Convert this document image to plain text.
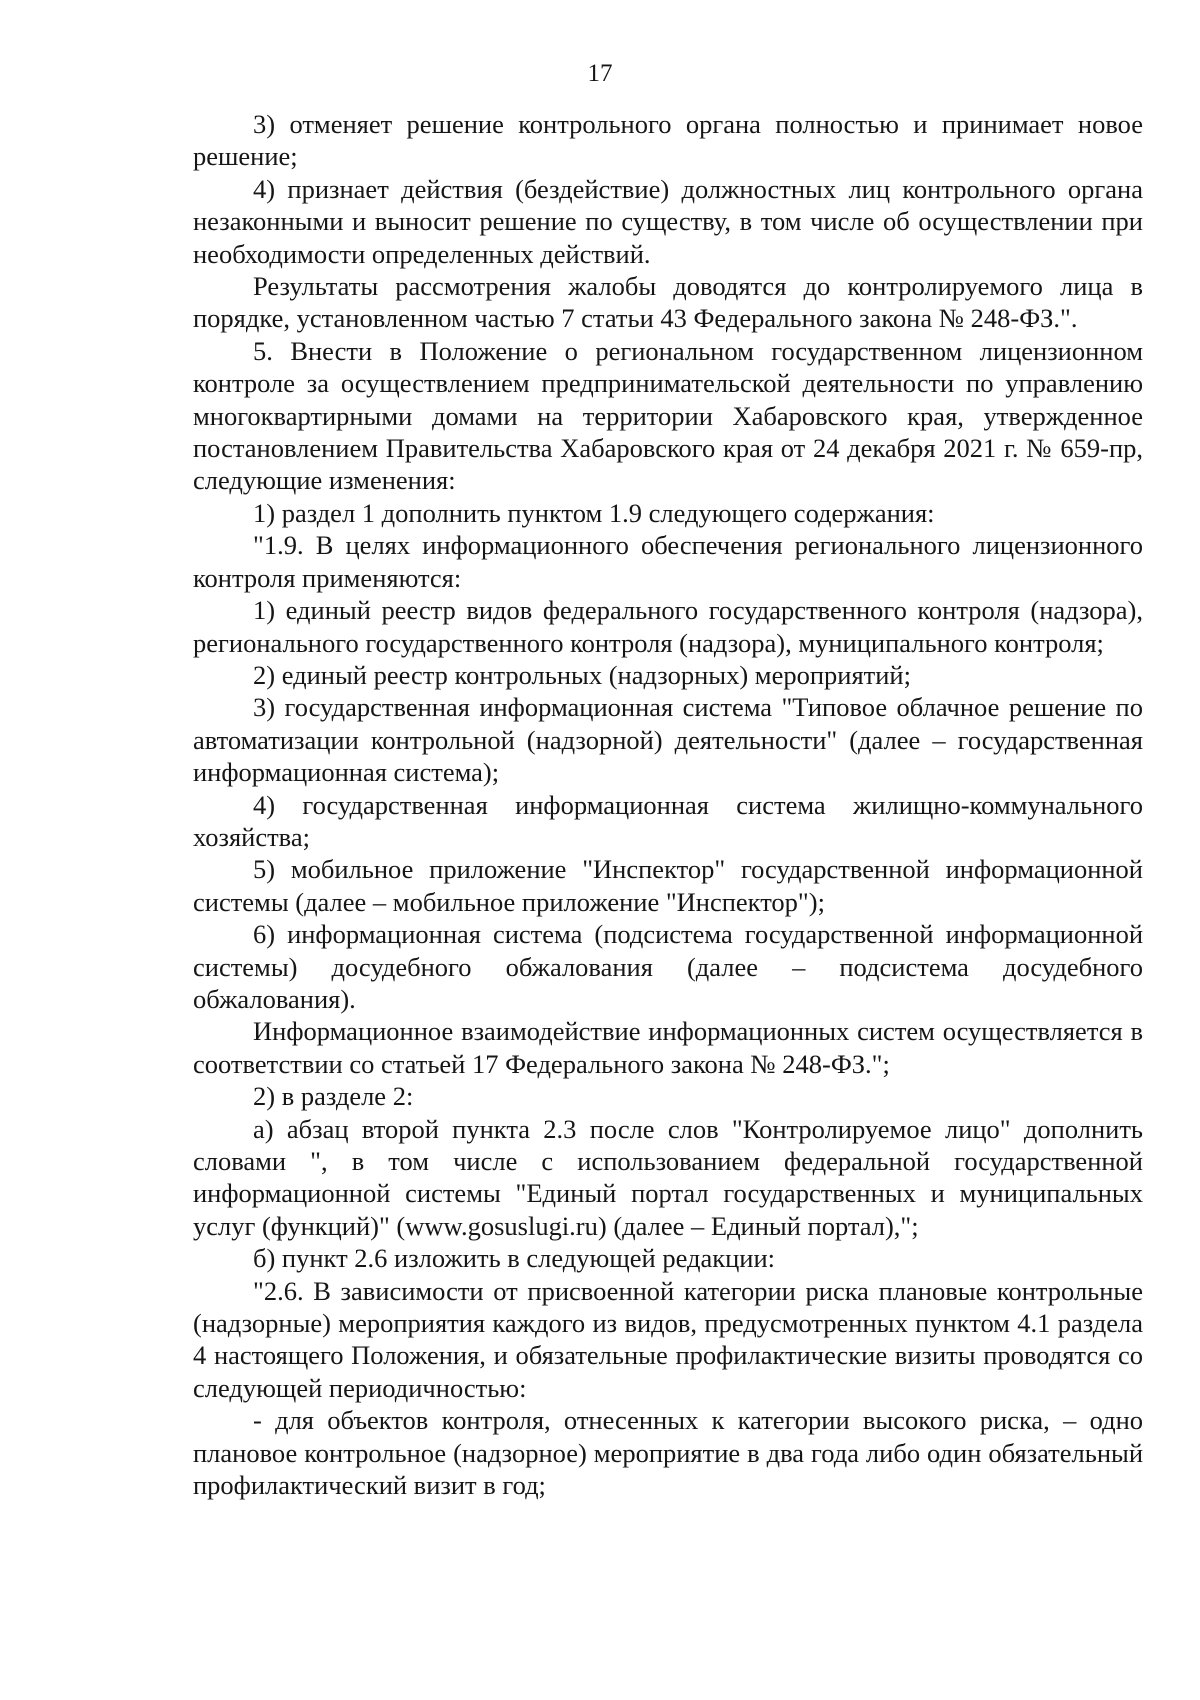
17

3) отменяет решение контрольного органа полностью и принимает новое решение;

4) признает действия (бездействие) должностных лиц контрольного органа незаконными и выносит решение по существу, в том числе об осуществлении при необходимости определенных действий.

Результаты рассмотрения жалобы доводятся до контролируемого лица в порядке, установленном частью 7 статьи 43 Федерального закона № 248-ФЗ.".

5. Внести в Положение о региональном государственном лицензионном контроле за осуществлением предпринимательской деятельности по управлению многоквартирными домами на территории Хабаровского края, утвержденное постановлением Правительства Хабаровского края от 24 декабря 2021 г. № 659-пр, следующие изменения:

1) раздел 1 дополнить пунктом 1.9 следующего содержания:

"1.9. В целях информационного обеспечения регионального лицензионного контроля применяются:

1) единый реестр видов федерального государственного контроля (надзора), регионального государственного контроля (надзора), муниципального контроля;

2) единый реестр контрольных (надзорных) мероприятий;

3) государственная информационная система "Типовое облачное решение по автоматизации контрольной (надзорной) деятельности" (далее – государственная информационная система);

4) государственная информационная система жилищно-коммунального хозяйства;

5) мобильное приложение "Инспектор" государственной информационной системы (далее – мобильное приложение "Инспектор");

6) информационная система (подсистема государственной информационной системы) досудебного обжалования (далее – подсистема досудебного обжалования).

Информационное взаимодействие информационных систем осуществляется в соответствии со статьей 17 Федерального закона № 248-ФЗ.";

2) в разделе 2:

а) абзац второй пункта 2.3 после слов "Контролируемое лицо" дополнить словами ", в том числе с использованием федеральной государственной информационной системы "Единый портал государственных и муниципальных услуг (функций)" (www.gosuslugi.ru) (далее – Единый портал),";

б) пункт 2.6 изложить в следующей редакции:

"2.6. В зависимости от присвоенной категории риска плановые контрольные (надзорные) мероприятия каждого из видов, предусмотренных пунктом 4.1 раздела 4 настоящего Положения, и обязательные профилактические визиты проводятся со следующей периодичностью:

- для объектов контроля, отнесенных к категории высокого риска, – одно плановое контрольное (надзорное) мероприятие в два года либо один обязательный профилактический визит в год;
